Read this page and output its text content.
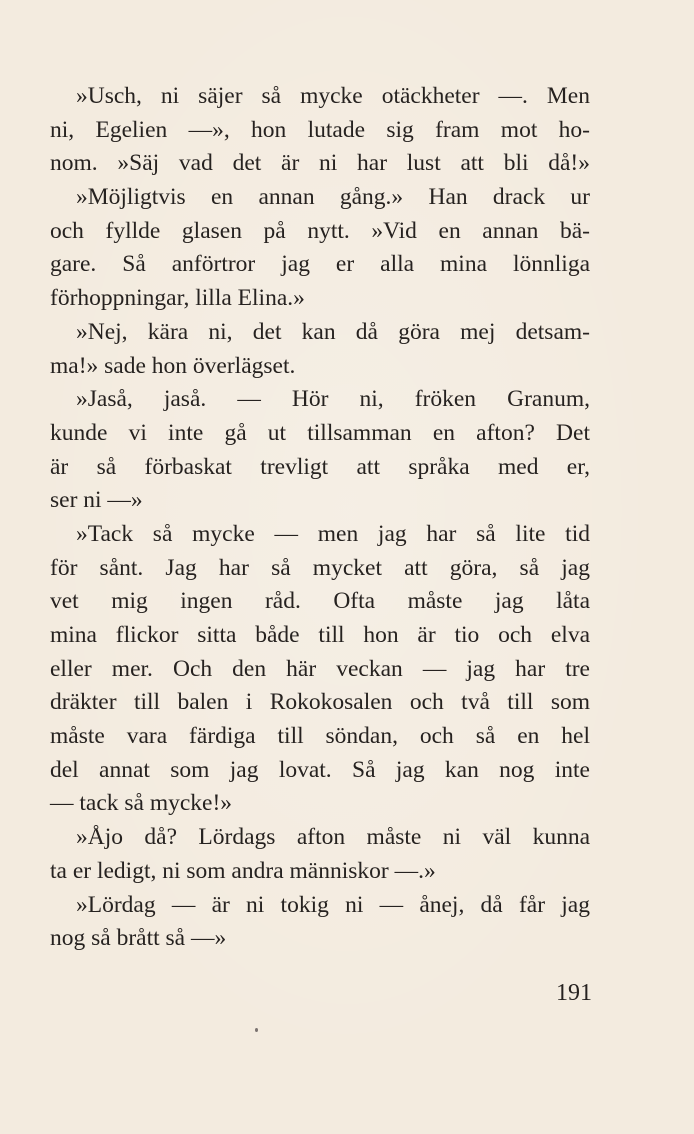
»Usch, ni säjer så mycke otäckheter —. Men
ni, Egelien —», hon lutade sig fram mot ho-
nom. »Säj vad det är ni har lust att bli då!»
»Möjligtvis en annan gång.» Han drack ur
och fyllde glasen på nytt. »Vid en annan bä-
gare. Så anförtror jag er alla mina lönnliga
förhoppningar, lilla Elina.»
»Nej, kära ni, det kan då göra mej detsam-
ma!» sade hon överlägset.
»Jaså, jaså. — Hör ni, fröken Granum,
kunde vi inte gå ut tillsamman en afton? Det
är så förbaskat trevligt att språka med er,
ser ni —»
»Tack så mycke — men jag har så lite tid
för sånt. Jag har så mycket att göra, så jag
vet mig ingen råd. Ofta måste jag låta
mina flickor sitta både till hon är tio och elva
eller mer. Och den här veckan — jag har tre
dräkter till balen i Rokokosalen och två till som
måste vara färdiga till söndan, och så en hel
del annat som jag lovat. Så jag kan nog inte
— tack så mycke!»
»Åjo då? Lördags afton måste ni väl kunna
ta er ledigt, ni som andra människor —.»
»Lördag — är ni tokig ni — ånej, då får jag
nog så brått så —»
191
